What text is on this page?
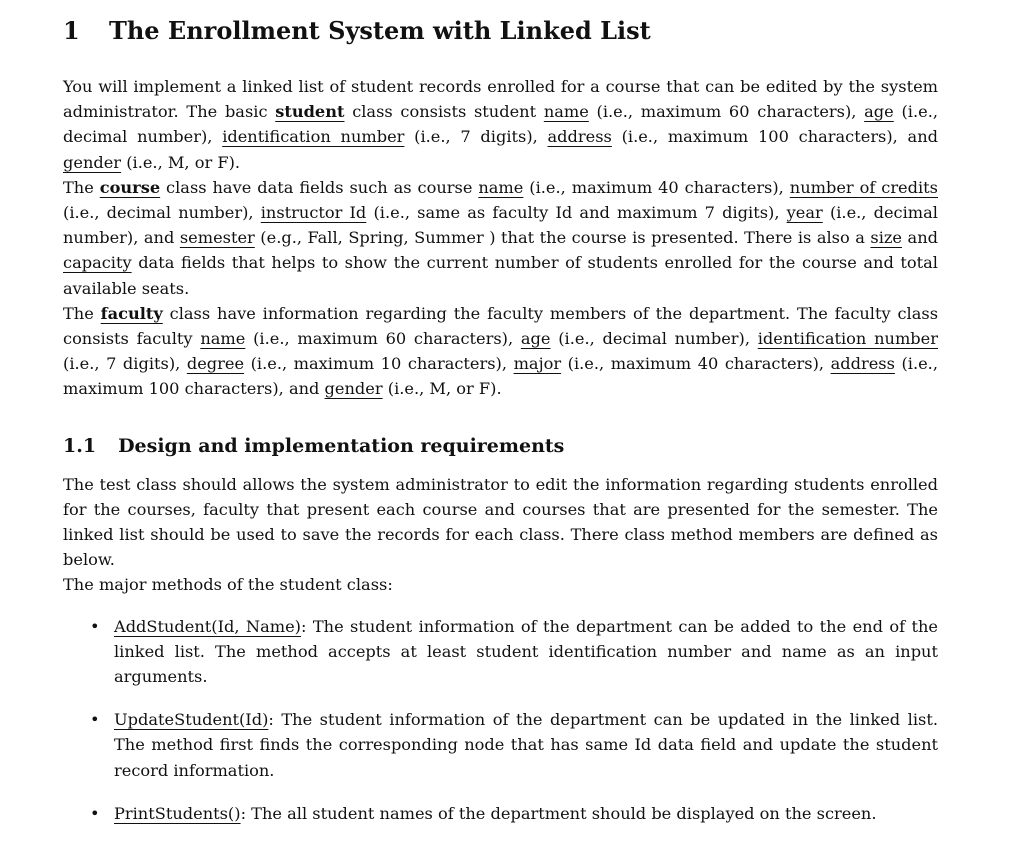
1 The Enrollment System with Linked List

You will implement a linked list of student records enrolled for a course that can be edited by the system administrator. The basic student class consists student name (i.e., maximum 60 characters), age (i.e., decimal number), identification number (i.e., 7 digits), address (i.e., maximum 100 characters), and gender (i.e., M, or F).

The course class have data fields such as course name (i.e., maximum 40 characters), number of credits (i.e., decimal number), instructor Id (i.e., same as faculty Id and maximum 7 digits), year (i.e., decimal number), and semester (e.g., Fall, Spring, Summer ) that the course is presented. There is also a size and capacity data fields that helps to show the current number of students enrolled for the course and total available seats.

The faculty class have information regarding the faculty members of the department. The faculty class consists faculty name (i.e., maximum 60 characters), age (i.e., decimal number), identification number (i.e., 7 digits), degree (i.e., maximum 10 characters), major (i.e., maximum 40 characters), address (i.e., maximum 100 characters), and gender (i.e., M, or F).

1.1 Design and implementation requirements

The test class should allows the system administrator to edit the information regarding students enrolled for the courses, faculty that present each course and courses that are presented for the semester. The linked list should be used to save the records for each class. There class method members are defined as below.

The major methods of the student class:

• AddStudent(Id, Name): The student information of the department can be added to the end of the linked list. The method accepts at least student identification number and name as an input arguments.
• UpdateStudent(Id): The student information of the department can be updated in the linked list. The method first finds the corresponding node that has same Id data field and update the student record information.
• PrintStudents(): The all student names of the department should be displayed on the screen.
